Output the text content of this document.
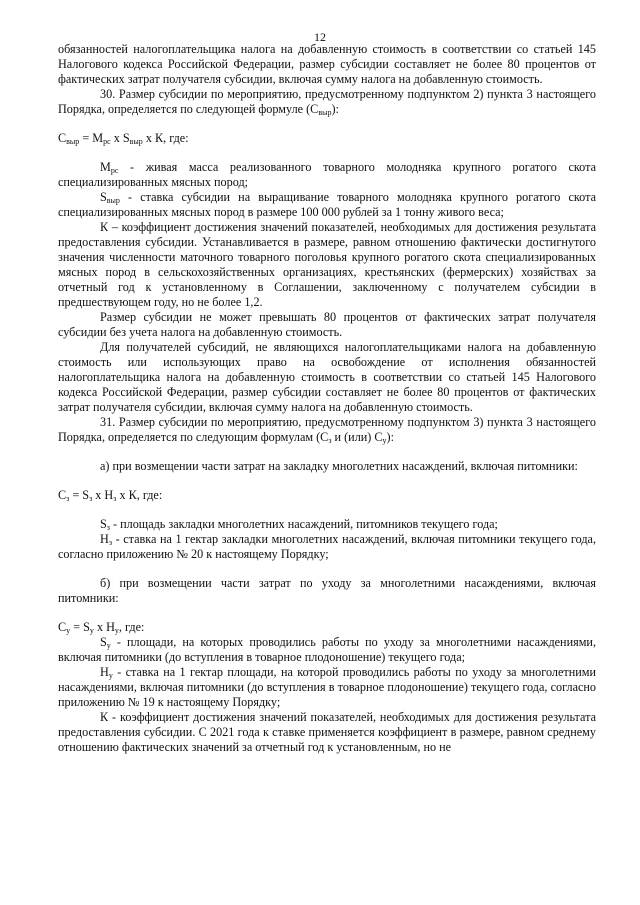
12

обязанностей налогоплательщика налога на добавленную стоимость в соответствии со статьей 145 Налогового кодекса Российской Федерации, размер субсидии составляет не более 80 процентов от фактических затрат получателя субсидии, включая сумму налога на добавленную стоимость.

30. Размер субсидии по мероприятию, предусмотренному подпунктом 2) пункта 3 настоящего Порядка, определяется по следующей формуле $(С_{выр})$:

$С_{выр} = М_{рс}$ х $S_{выр}$ х К, где:

$М_{рс}$ - живая масса реализованного товарного молодняка крупного рогатого скота специализированных мясных пород;

$S_{выр}$ - ставка субсидии на выращивание товарного молодняка крупного рогатого скота специализированных мясных пород в размере 100 000 рублей за 1 тонну живого веса;

К – коэффициент достижения значений показателей, необходимых для достижения результата предоставления субсидии. Устанавливается в размере, равном отношению фактически достигнутого значения численности маточного товарного поголовья крупного рогатого скота специализированных мясных пород в сельскохозяйственных организациях, крестьянских (фермерских) хозяйствах за отчетный год к установленному в Соглашении, заключенному с получателем субсидии в предшествующем году, но не более 1,2.

Размер субсидии не может превышать 80 процентов от фактических затрат получателя субсидии без учета налога на добавленную стоимость.

Для получателей субсидий, не являющихся налогоплательщиками налога на добавленную стоимость или использующих право на освобождение от исполнения обязанностей налогоплательщика налога на добавленную стоимость в соответствии со статьей 145 Налогового кодекса Российской Федерации, размер субсидии составляет не более 80 процентов от фактических затрат получателя субсидии, включая сумму налога на добавленную стоимость.

31. Размер субсидии по мероприятию, предусмотренному подпунктом 3) пункта 3 настоящего Порядка, определяется по следующим формулам ($С_з$ и (или) $С_у$):

а) при возмещении части затрат на закладку многолетних насаждений, включая питомники:

$С_з = S_з$ х $Н_з$ х К, где:

$S_з$ - площадь закладки многолетних насаждений, питомников текущего года;

$Н_з$ - ставка на 1 гектар закладки многолетних насаждений, включая питомники текущего года, согласно приложению № 20 к настоящему Порядку;

б) при возмещении части затрат по уходу за многолетними насаждениями, включая питомники:

$С_у = S_у$ х $Н_у$, где:

$S_у$ - площади, на которых проводились работы по уходу за многолетними насаждениями, включая питомники (до вступления в товарное плодоношение) текущего года;

$Н_у$ - ставка на 1 гектар площади, на которой проводились работы по уходу за многолетними насаждениями, включая питомники (до вступления в товарное плодоношение) текущего года, согласно приложению № 19 к настоящему Порядку;

К - коэффициент достижения значений показателей, необходимых для достижения результата предоставления субсидии. С 2021 года к ставке применяется коэффициент в размере, равном среднему отношению фактических значений за отчетный год к установленным, но не
